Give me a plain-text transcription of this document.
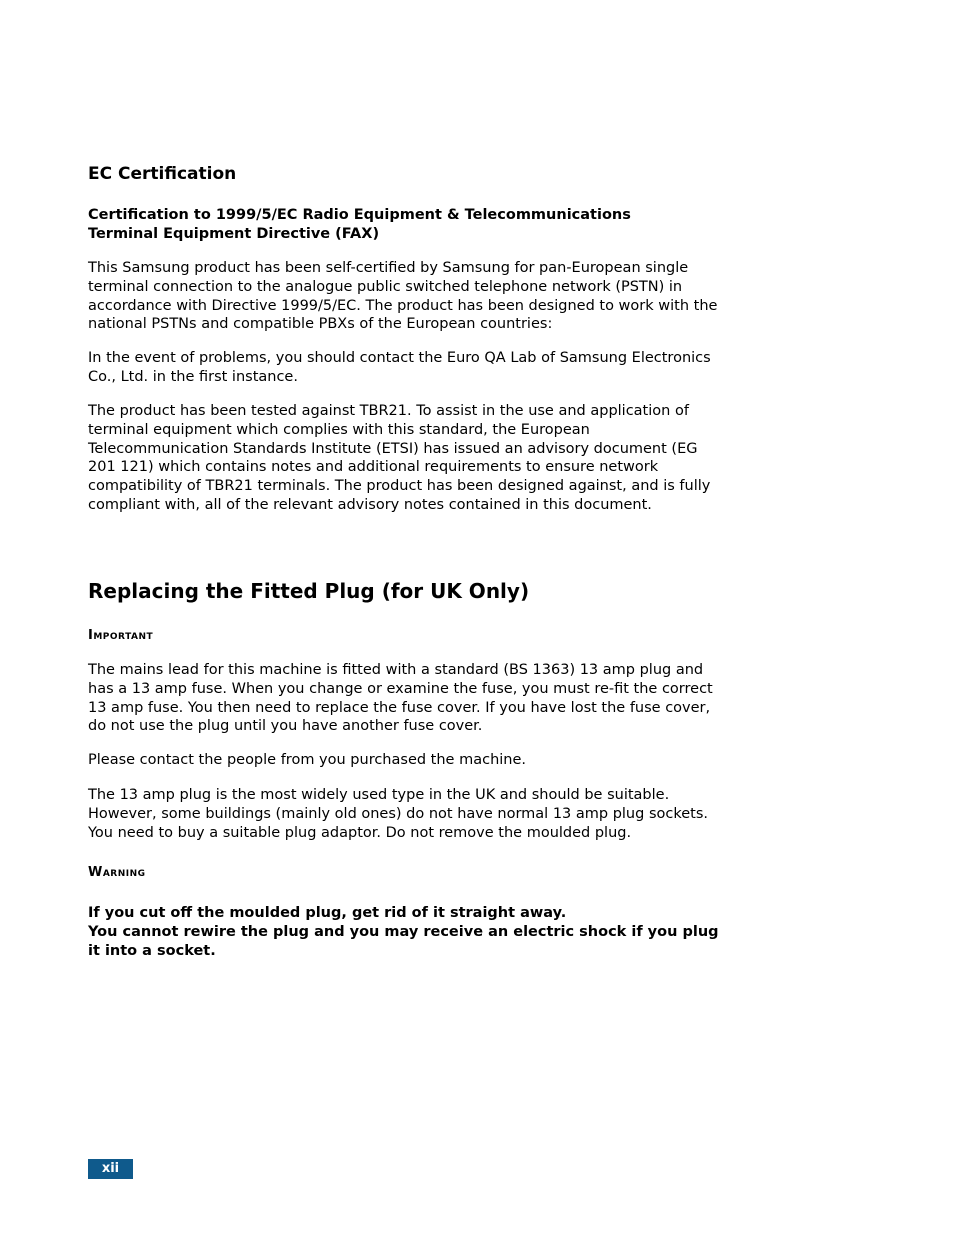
EC Certification
Certification to 1999/5/EC Radio Equipment & Telecommunications
Terminal Equipment Directive (FAX)

This Samsung product has been self-certified by Samsung for pan-European single terminal connection to the analogue public switched telephone network (PSTN) in accordance with Directive 1999/5/EC. The product has been designed to work with the national PSTNs and compatible PBXs of the European countries:

In the event of problems, you should contact the Euro QA Lab of Samsung Electronics Co., Ltd. in the first instance.

The product has been tested against TBR21. To assist in the use and application of terminal equipment which complies with this standard, the European Telecommunication Standards Institute (ETSI) has issued an advisory document (EG 201 121) which contains notes and additional requirements to ensure network compatibility of TBR21 terminals. The product has been designed against, and is fully compliant with, all of the relevant advisory notes contained in this document.

Replacing the Fitted Plug (for UK Only)
Important

The mains lead for this machine is fitted with a standard (BS 1363) 13 amp plug and has a 13 amp fuse. When you change or examine the fuse, you must re-fit the correct 13 amp fuse. You then need to replace the fuse cover. If you have lost the fuse cover, do not use the plug until you have another fuse cover.

Please contact the people from you purchased the machine.

The 13 amp plug is the most widely used type in the UK and should be suitable. However, some buildings (mainly old ones) do not have normal 13 amp plug sockets. You need to buy a suitable plug adaptor. Do not remove the moulded plug.

Warning

If you cut off the moulded plug, get rid of it straight away.
You cannot rewire the plug and you may receive an electric shock if you plug it into a socket.

xii
